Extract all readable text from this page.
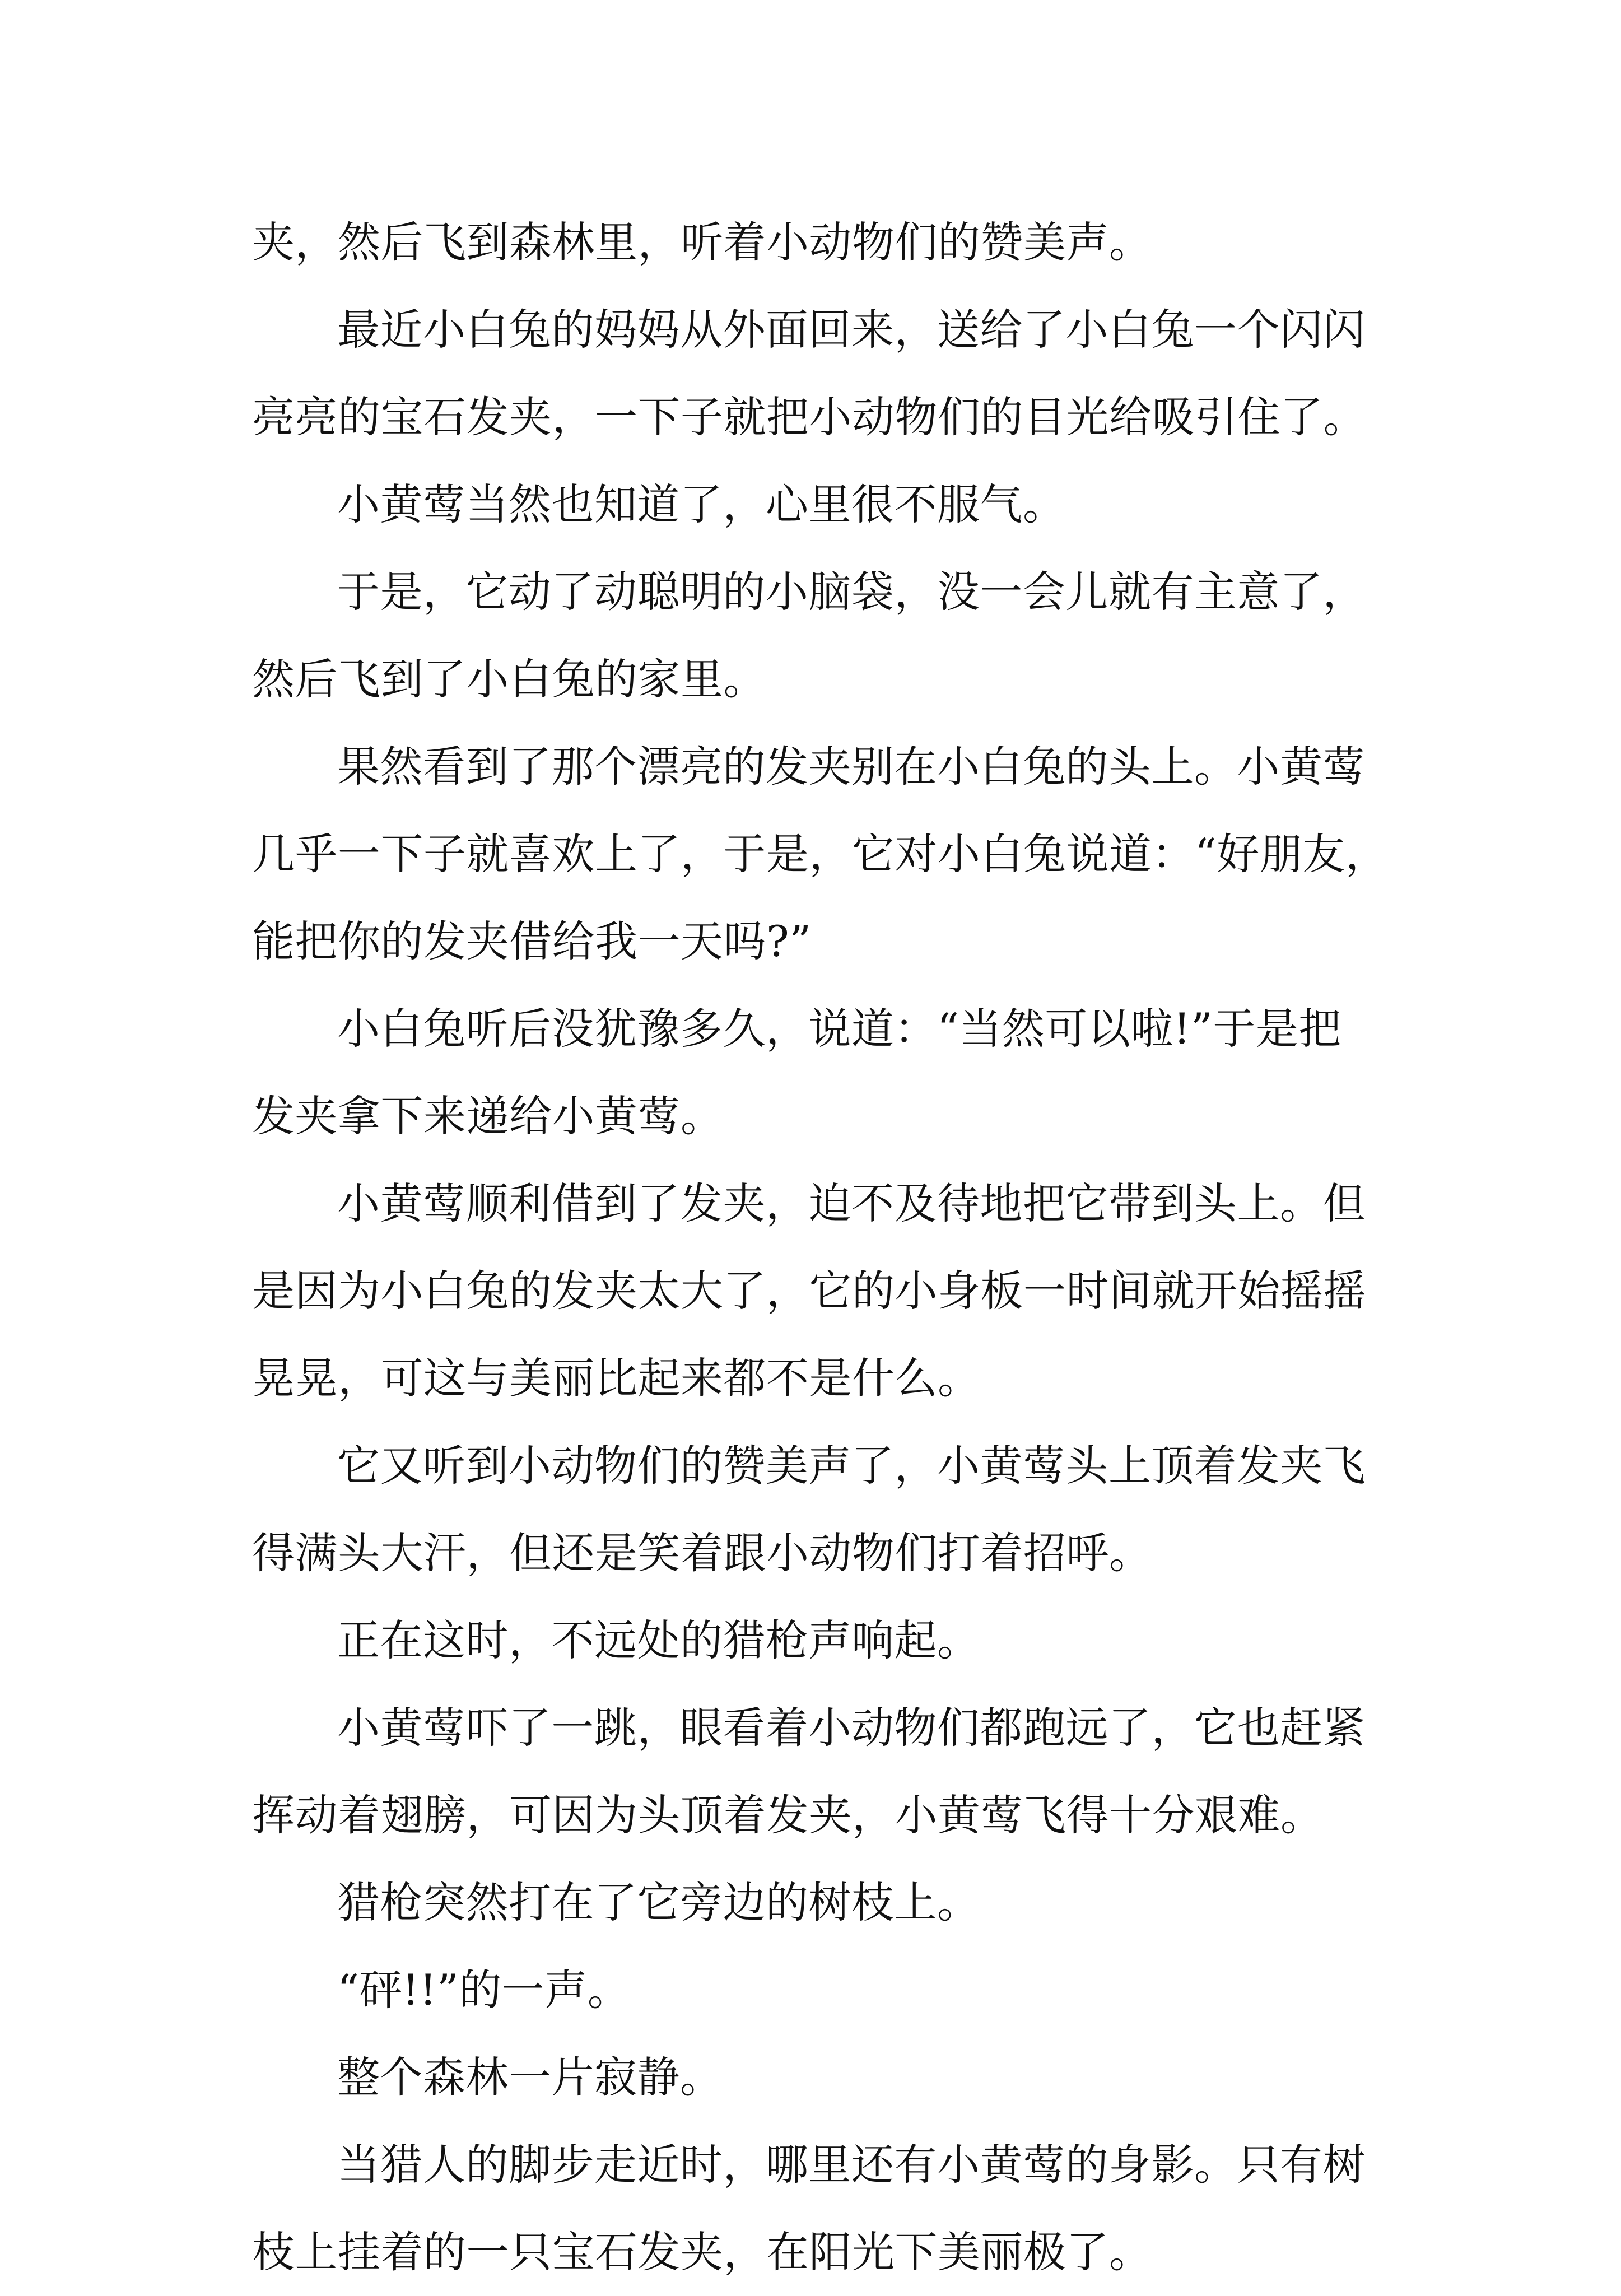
夹，然后飞到森林里，听着小动物们的赞美声。
最近小白兔的妈妈从外面回来，送给了小白兔一个闪闪
亮亮的宝石发夹，一下子就把小动物们的目光给吸引住了。
小黄莺当然也知道了，心里很不服气。
于是，它动了动聪明的小脑袋，没一会儿就有主意了，
然后飞到了小白兔的家里。
果然看到了那个漂亮的发夹别在小白兔的头上。小黄莺
几乎一下子就喜欢上了，于是，它对小白兔说道：“好朋友，
能把你的发夹借给我一天吗?”
小白兔听后没犹豫多久，说道：“当然可以啦!”于是把
发夹拿下来递给小黄莺。
小黄莺顺利借到了发夹，迫不及待地把它带到头上。但
是因为小白兔的发夹太大了，它的小身板一时间就开始摇摇
晃晃，可这与美丽比起来都不是什么。
它又听到小动物们的赞美声了，小黄莺头上顶着发夹飞
得满头大汗，但还是笑着跟小动物们打着招呼。
正在这时，不远处的猎枪声响起。
小黄莺吓了一跳，眼看着小动物们都跑远了，它也赶紧
挥动着翅膀，可因为头顶着发夹，小黄莺飞得十分艰难。
猎枪突然打在了它旁边的树枝上。
“砰!!”的一声。
整个森林一片寂静。
当猎人的脚步走近时，哪里还有小黄莺的身影。只有树
枝上挂着的一只宝石发夹，在阳光下美丽极了。
